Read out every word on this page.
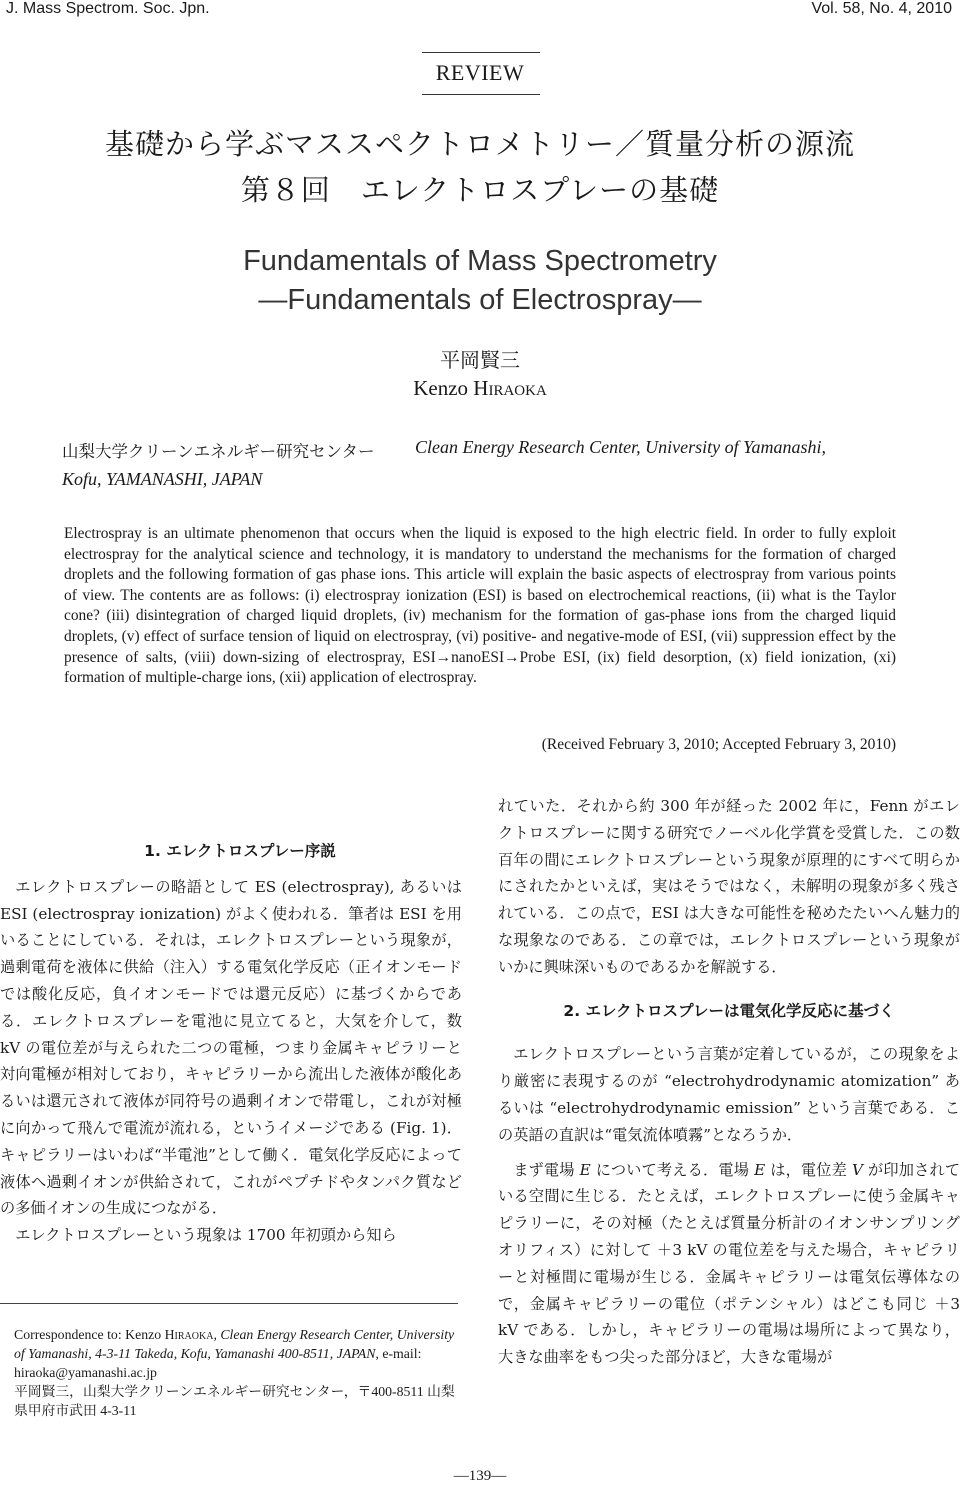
J. Mass Spectrom. Soc. Jpn.	Vol. 58, No. 4, 2010
REVIEW
基礎から学ぶマススペクトロメトリー／質量分析の源流
第８回　エレクトロスプレーの基礎
Fundamentals of Mass Spectrometry
—Fundamentals of Electrospray—
平岡賢三
Kenzo Hiraoka
山梨大学クリーンエネルギー研究センター Clean Energy Research Center, University of Yamanashi,
Kofu, YAMANASHI, JAPAN
Electrospray is an ultimate phenomenon that occurs when the liquid is exposed to the high electric field. In order to fully exploit electrospray for the analytical science and technology, it is mandatory to understand the mechanisms for the formation of charged droplets and the following formation of gas phase ions. This article will explain the basic aspects of electrospray from various points of view. The contents are as follows: (i) electrospray ionization (ESI) is based on electrochemical reactions, (ii) what is the Taylor cone? (iii) disintegration of charged liquid droplets, (iv) mechanism for the formation of gas-phase ions from the charged liquid droplets, (v) effect of surface tension of liquid on electrospray, (vi) positive- and negative-mode of ESI, (vii) suppression effect by the presence of salts, (viii) down-sizing of electrospray, ESI→nanoESI→Probe ESI, (ix) field desorption, (x) field ionization, (xi) formation of multiple-charge ions, (xii) application of electrospray.
(Received February 3, 2010; Accepted February 3, 2010)
1. エレクトロスプレー序説

エレクトロスプレーの略語として ES (electrospray), あるいは ESI (electrospray ionization) がよく使われる．筆者は ESI を用いることにしている．それは，エレクトロスプレーという現象が，過剰電荷を液体に供給（注入）する電気化学反応（正イオンモードでは酸化反応，負イオンモードでは還元反応）に基づくからである．エレクトロスプレーを電池に見立てると，大気を介して，数 kV の電位差が与えられた二つの電極，つまり金属キャピラリーと対向電極が相対しており，キャピラリーから流出した液体が酸化あるいは還元されて液体が同符号の過剰イオンで帯電し，これが対極に向かって飛んで電流が流れる，というイメージである (Fig. 1)．キャピラリーはいわば“半電池”として働く．電気化学反応によって液体へ過剰イオンが供給されて，これがペプチドやタンパク質などの多価イオンの生成につながる．

エレクトロスプレーという現象は 1700 年初頭から知ら

Correspondence to: Kenzo Hiraoka, Clean Energy Research Center, University of Yamanashi, 4-3-11 Takeda, Kofu, Yamanashi 400-8511, JAPAN, e-mail: hiraoka@yamanashi.ac.jp
平岡賢三，山梨大学クリーンエネルギー研究センター，〒400-8511 山梨県甲府市武田 4-3-11

れていた．それから約 300 年が経った 2002 年に，Fenn がエレクトロスプレーに関する研究でノーベル化学賞を受賞した．この数百年の間にエレクトロスプレーという現象が原理的にすべて明らかにされたかといえば，実はそうではなく，未解明の現象が多く残されている．この点で，ESI は大きな可能性を秘めたたいへん魅力的な現象なのである．この章では，エレクトロスプレーという現象がいかに興味深いものであるかを解説する．

2. エレクトロスプレーは電気化学反応に基づく

エレクトロスプレーという言葉が定着しているが，この現象をより厳密に表現するのが “electrohydrodynamic atomization” あるいは “electrohydrodynamic emission” という言葉である．この英語の直訳は“電気流体噴霧”となろうか．

まず電場 E について考える．電場 E は，電位差 V が印加されている空間に生じる．たとえば，エレクトロスプレーに使う金属キャピラリーに，その対極（たとえば質量分析計のイオンサンプリングオリフィス）に対して ＋3 kV の電位差を与えた場合，キャピラリーと対極間に電場が生じる．金属キャピラリーは電気伝導体なので，金属キャピラリーの電位（ポテンシャル）はどこも同じ ＋3 kV である．しかし，キャピラリーの電場は場所によって異なり，大きな曲率をもつ尖った部分ほど，大きな電場が

—139—
